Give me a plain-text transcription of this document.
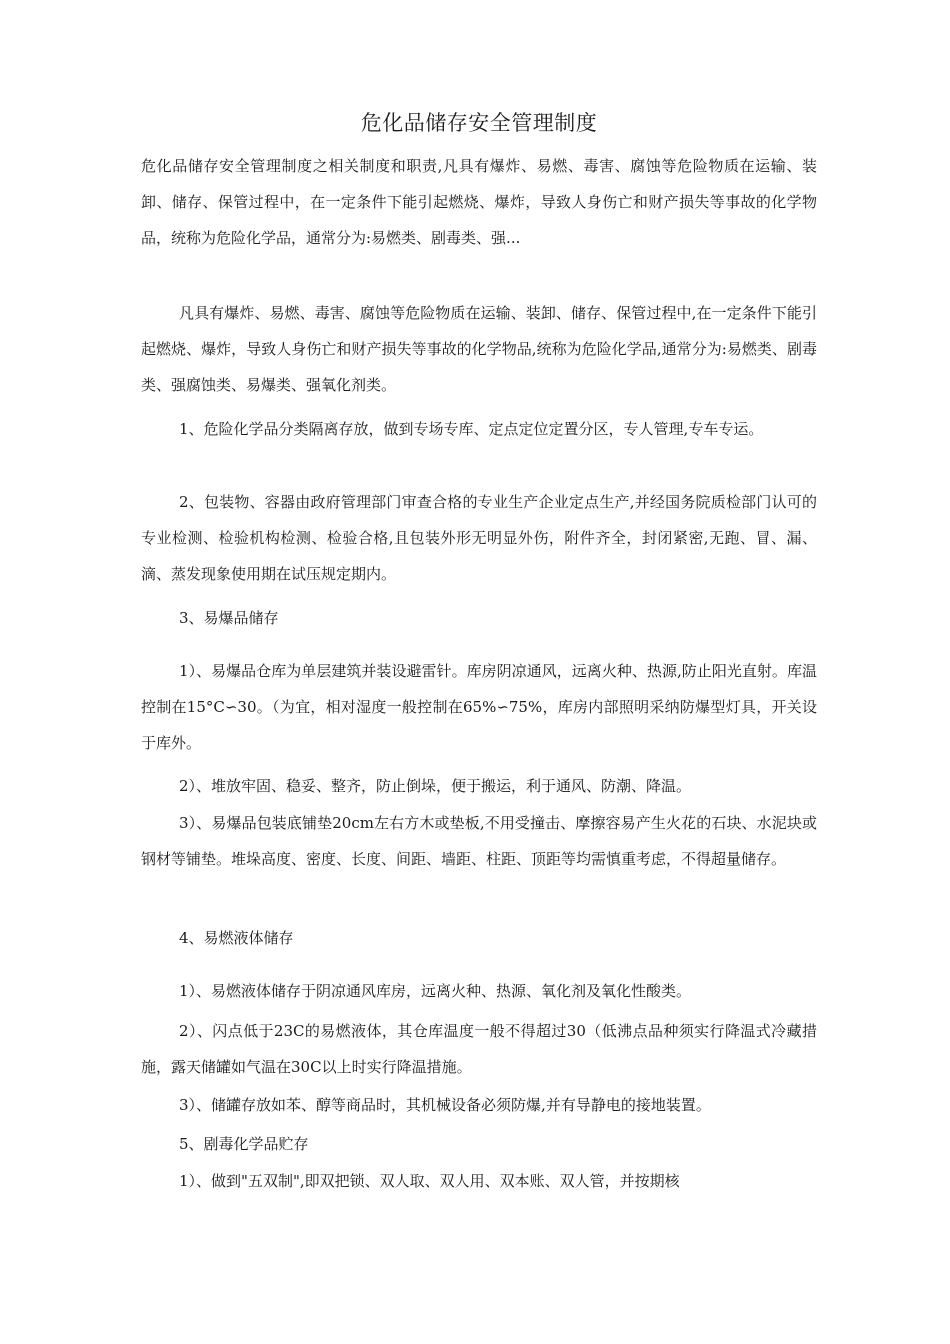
危化品储存安全管理制度

危化品储存安全管理制度之相关制度和职责,凡具有爆炸、易燃、毒害、腐蚀等危险物质在运输、装卸、储存、保管过程中，在一定条件下能引起燃烧、爆炸，导致人身伤亡和财产损失等事故的化学物品，统称为危险化学品，通常分为:易燃类、剧毒类、强...

凡具有爆炸、易燃、毒害、腐蚀等危险物质在运输、装卸、储存、保管过程中,在一定条件下能引起燃烧、爆炸，导致人身伤亡和财产损失等事故的化学物品,统称为危险化学品,通常分为:易燃类、剧毒类、强腐蚀类、易爆类、强氧化剂类。

1、危险化学品分类隔离存放，做到专场专库、定点定位定置分区，专人管理,专车专运。

2、包装物、容器由政府管理部门审查合格的专业生产企业定点生产,并经国务院质检部门认可的专业检测、检验机构检测、检验合格,且包装外形无明显外伤，附件齐全，封闭紧密,无跑、冒、漏、滴、蒸发现象使用期在试压规定期内。

3、易爆品储存

1）、易爆品仓库为单层建筑并装设避雷针。库房阴凉通风，远离火种、热源,防止阳光直射。库温控制在15°C∽30。（为宜，相对湿度一般控制在65%∽75%，库房内部照明采纳防爆型灯具，开关设于库外。

2）、堆放牢固、稳妥、整齐，防止倒垛，便于搬运，利于通风、防潮、降温。

3）、易爆品包装底铺垫20cm左右方木或垫板,不用受撞击、摩擦容易产生火花的石块、水泥块或钢材等铺垫。堆垛高度、密度、长度、间距、墙距、柱距、顶距等均需慎重考虑，不得超量储存。

4、易燃液体储存

1）、易燃液体储存于阴凉通风库房，远离火种、热源、氧化剂及氧化性酸类。

2）、闪点低于23C的易燃液体，其仓库温度一般不得超过30（低沸点品种须实行降温式冷藏措施，露天储罐如气温在30C以上时实行降温措施。

3）、储罐存放如苯、醇等商品时，其机械设备必须防爆,并有导静电的接地装置。

5、剧毒化学品贮存

1）、做到"五双制",即双把锁、双人取、双人用、双本账、双人管，并按期核
